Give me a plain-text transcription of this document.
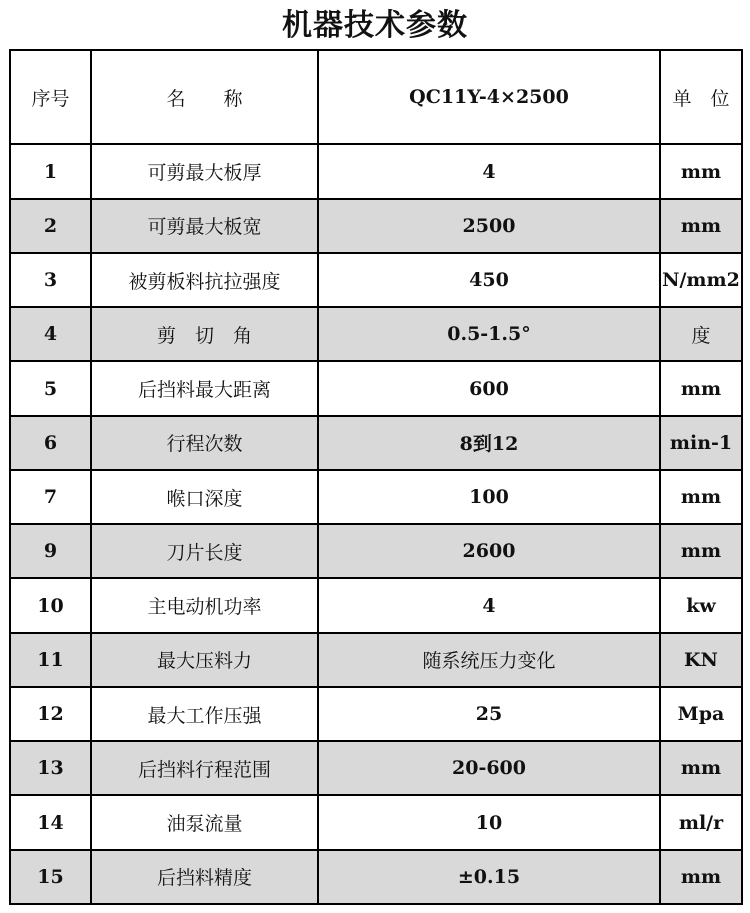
机器技术参数
序号	名　　称	QC11Y-4×2500	单　位
1	可剪最大板厚	4	mm
2	可剪最大板宽	2500	mm
3	被剪板料抗拉强度	450	N/mm2
4	剪　切　角	0.5-1.5°	度
5	后挡料最大距离	600	mm
6	行程次数	8到12	min-1
7	喉口深度	100	mm
9	刀片长度	2600	mm
10	主电动机功率	4	kw
11	最大压料力	随系统压力变化	KN
12	最大工作压强	25	Mpa
13	后挡料行程范围	20-600	mm
14	油泵流量	10	ml/r
15	后挡料精度	±0.15	mm
